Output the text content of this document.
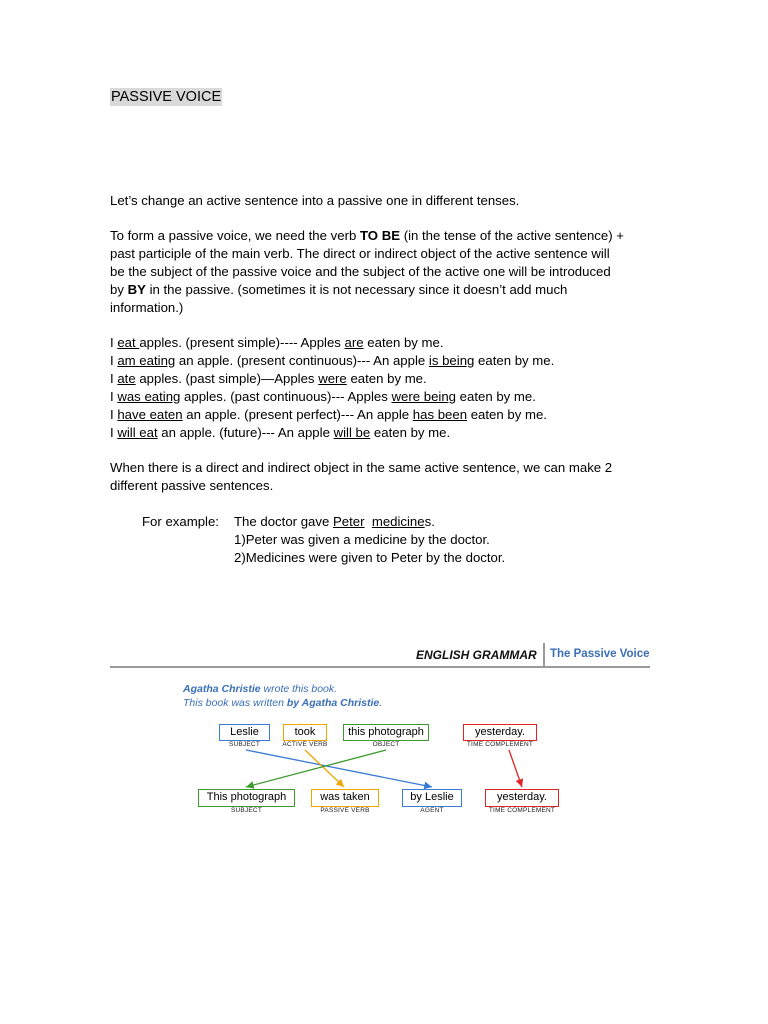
PASSIVE VOICE
Let’s change an active sentence into a passive one in different tenses.
To form a passive voice, we need the verb TO BE (in the tense of the active sentence) +
past participle of the main verb. The direct or indirect object of the active sentence will
be the subject of the passive voice and the subject of the active one will be introduced
by BY in the passive. (sometimes it is not necessary since it doesn’t add much
information.)
I eat apples. (present simple)---- Apples are eaten by me.
I am eating an apple. (present continuous)--- An apple is being eaten by me.
I ate apples. (past simple)—Apples were eaten by me.
I was eating apples. (past continuous)--- Apples were being eaten by me.
I have eaten an apple. (present perfect)--- An apple has been eaten by me.
I will eat an apple. (future)--- An apple will be eaten by me.
When there is a direct and indirect object in the same active sentence, we can make 2
different passive sentences.
For example: The doctor gave Peter medicines.
1)Peter was given a medicine by the doctor.
2)Medicines were given to Peter by the doctor.
ENGLISH GRAMMAR The Passive Voice
Agatha Christie wrote this book.
This book was written by Agatha Christie.
Leslie
SUBJECT
took
ACTIVE VERB
this photograph
OBJECT
yesterday.
TIME COMPLEMENT
This photograph
SUBJECT
was taken
PASSIVE VERB
by Leslie
AGENT
yesterday.
TIME COMPLEMENT
